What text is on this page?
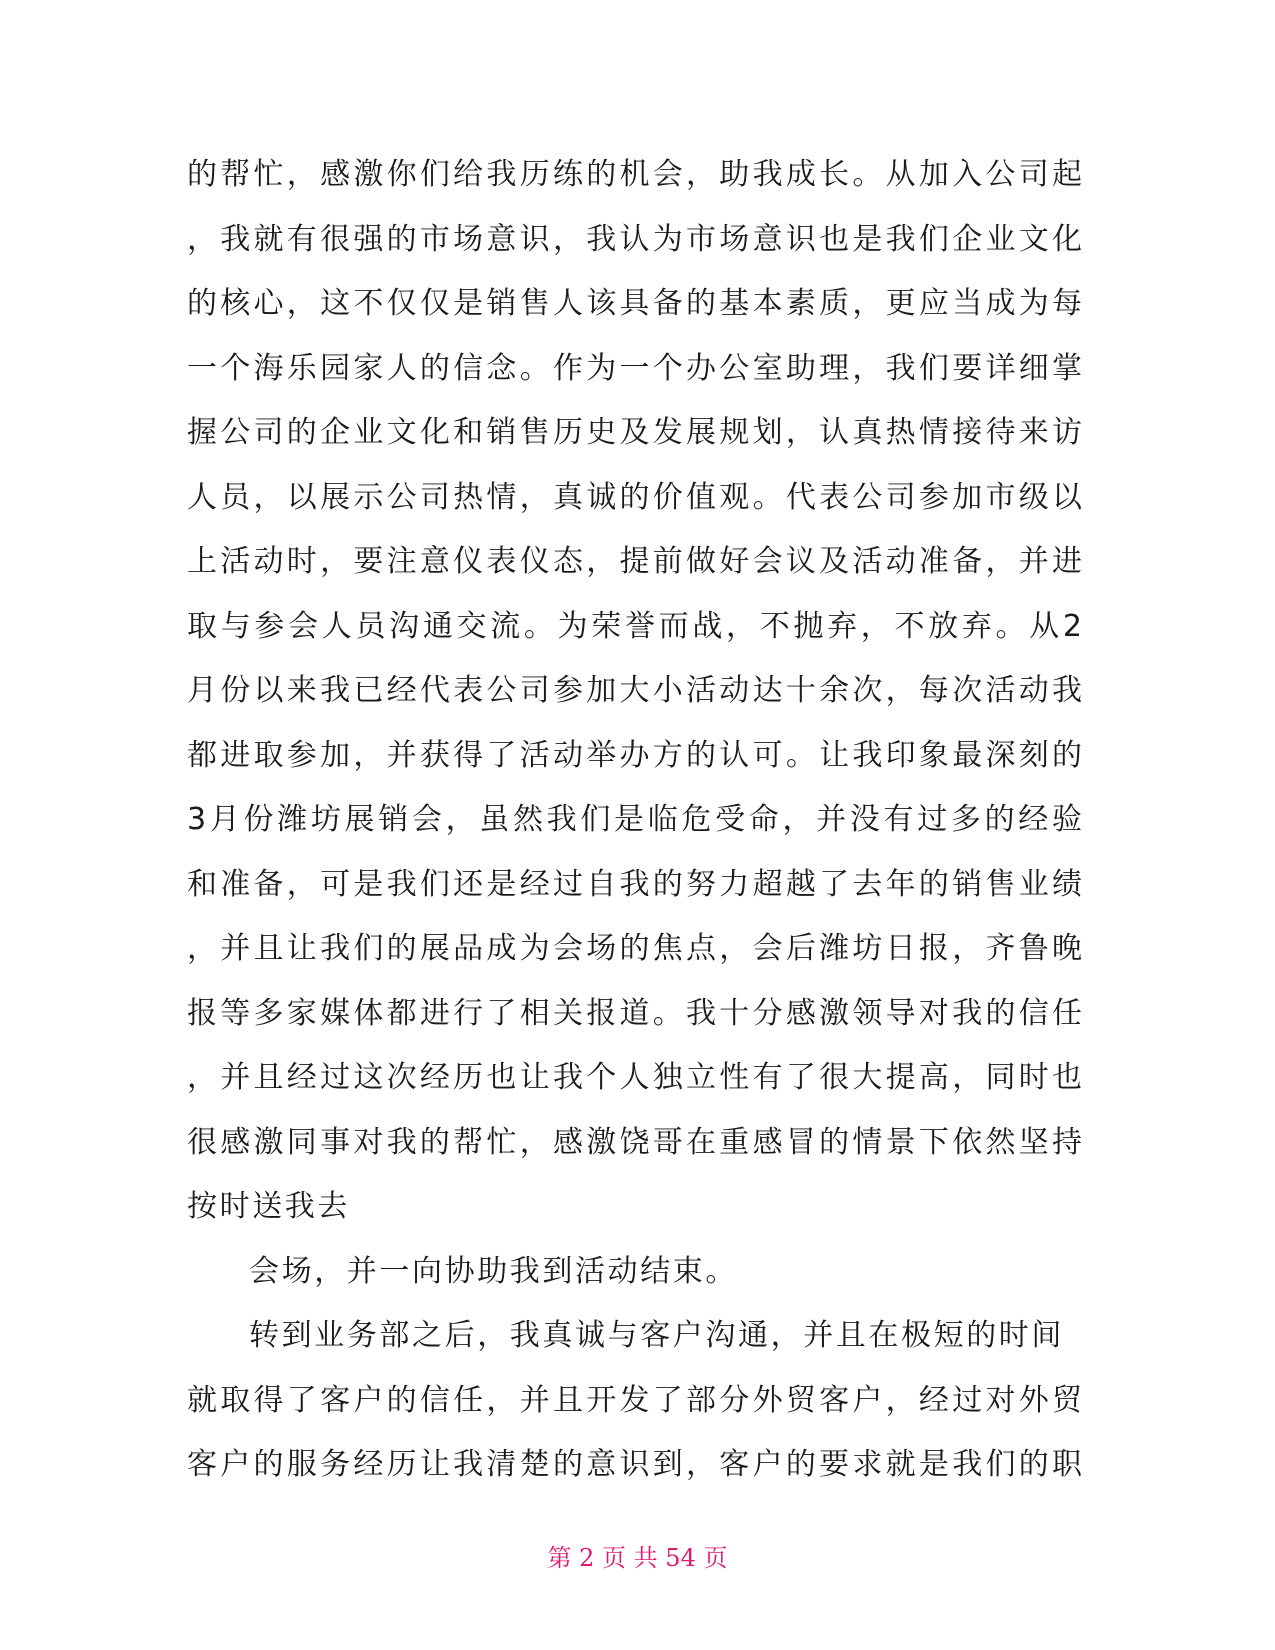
的帮忙，感激你们给我历练的机会，助我成长。从加入公司起
，我就有很强的市场意识，我认为市场意识也是我们企业文化
的核心，这不仅仅是销售人该具备的基本素质，更应当成为每
一个海乐园家人的信念。作为一个办公室助理，我们要详细掌
握公司的企业文化和销售历史及发展规划，认真热情接待来访
人员，以展示公司热情，真诚的价值观。代表公司参加市级以
上活动时，要注意仪表仪态，提前做好会议及活动准备，并进
取与参会人员沟通交流。为荣誉而战，不抛弃，不放弃。从2
月份以来我已经代表公司参加大小活动达十余次，每次活动我
都进取参加，并获得了活动举办方的认可。让我印象最深刻的
3月份潍坊展销会，虽然我们是临危受命，并没有过多的经验
和准备，可是我们还是经过自我的努力超越了去年的销售业绩
，并且让我们的展品成为会场的焦点，会后潍坊日报，齐鲁晚
报等多家媒体都进行了相关报道。我十分感激领导对我的信任
，并且经过这次经历也让我个人独立性有了很大提高，同时也
很感激同事对我的帮忙，感激饶哥在重感冒的情景下依然坚持
按时送我去
会场，并一向协助我到活动结束。
转到业务部之后，我真诚与客户沟通，并且在极短的时间
就取得了客户的信任，并且开发了部分外贸客户，经过对外贸
客户的服务经历让我清楚的意识到，客户的要求就是我们的职
第 2 页 共 54 页
